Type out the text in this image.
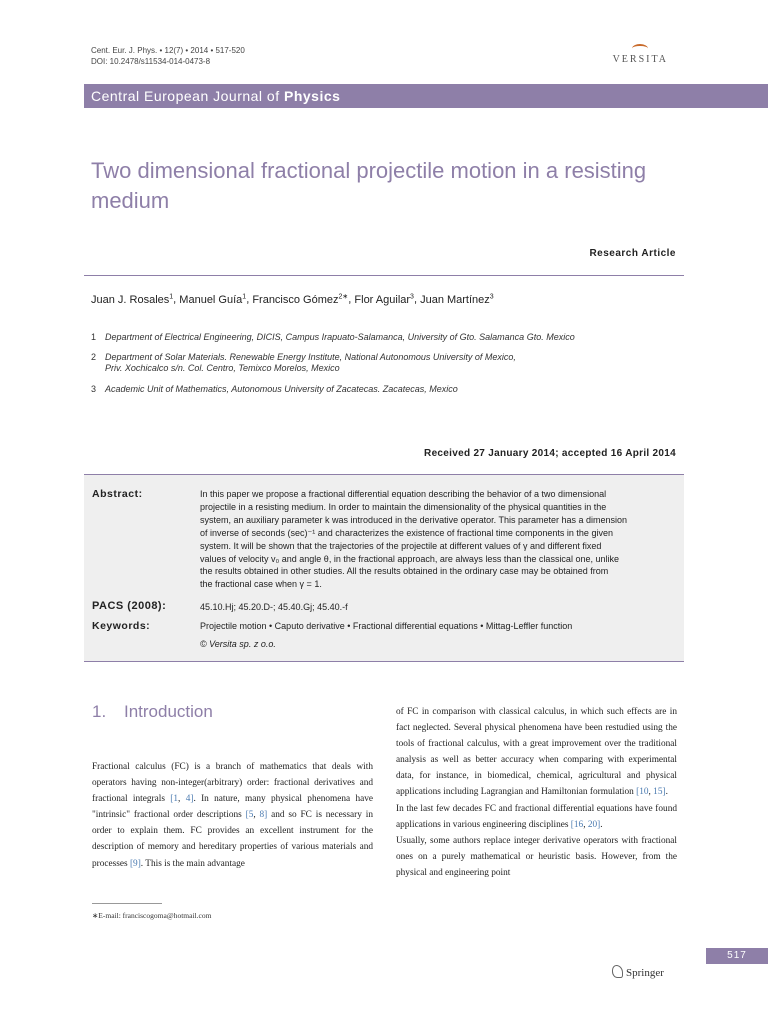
Cent. Eur. J. Phys. • 12(7) • 2014 • 517-520
DOI: 10.2478/s11534-014-0473-8	VERSITA
Central European Journal of Physics
Two dimensional fractional projectile motion in a resisting medium
Research Article
Juan J. Rosales$^1$, Manuel Guía$^1$, Francisco Gómez$^{2∗}$, Flor Aguilar$^3$, Juan Martínez$^3$
1 Department of Electrical Engineering, DICIS, Campus Irapuato-Salamanca, University of Gto. Salamanca Gto. Mexico
2 Department of Solar Materials. Renewable Energy Institute, National Autonomous University of Mexico,
Priv. Xochicalco s/n. Col. Centro, Temixco Morelos, Mexico
3 Academic Unit of Mathematics, Autonomous University of Zacatecas. Zacatecas, Mexico
Received 27 January 2014; accepted 16 April 2014
Abstract:	In this paper we propose a fractional differential equation describing the behavior of a two dimensional
projectile in a resisting medium. In order to maintain the dimensionality of the physical quantities in the
system, an auxiliary parameter k was introduced in the derivative operator. This parameter has a dimension
of inverse of seconds (sec)⁻¹ and characterizes the existence of fractional time components in the given
system. It will be shown that the trajectories of the projectile at different values of γ and different fixed
values of velocity v₀ and angle θ, in the fractional approach, are always less than the classical one, unlike
the results obtained in other studies. All the results obtained in the ordinary case may be obtained from
the fractional case when γ = 1.
PACS (2008):	45.10.Hj; 45.20.D-; 45.40.Gj; 45.40.-f
Keywords:	Projectile motion • Caputo derivative • Fractional differential equations • Mittag-Leffler function
© Versita sp. z o.o.
1. Introduction
Fractional calculus (FC) is a branch of mathematics that deals with operators having non-integer(arbitrary) order: fractional derivatives and fractional integrals [1, 4]. In nature, many physical phenomena have "intrinsic" fractional order descriptions [5, 8] and so FC is necessary in order to explain them. FC provides an excellent instrument for the description of memory and hereditary properties of various materials and processes [9]. This is the main advantage
of FC in comparison with classical calculus, in which such effects are in fact neglected. Several physical phenomena have been restudied using the tools of fractional calculus, with a great improvement over the traditional analysis as well as better accuracy when comparing with experimental data, for instance, in biomedical, chemical, agricultural and physical applications including Lagrangian and Hamiltonian formulation [10, 15].
In the last few decades FC and fractional differential equations have found applications in various engineering disciplines [16, 20].
Usually, some authors replace integer derivative operators with fractional ones on a purely mathematical or heuristic basis. However, from the physical and engineering point
∗E-mail: franciscogoma@hotmail.com
517
Springer
